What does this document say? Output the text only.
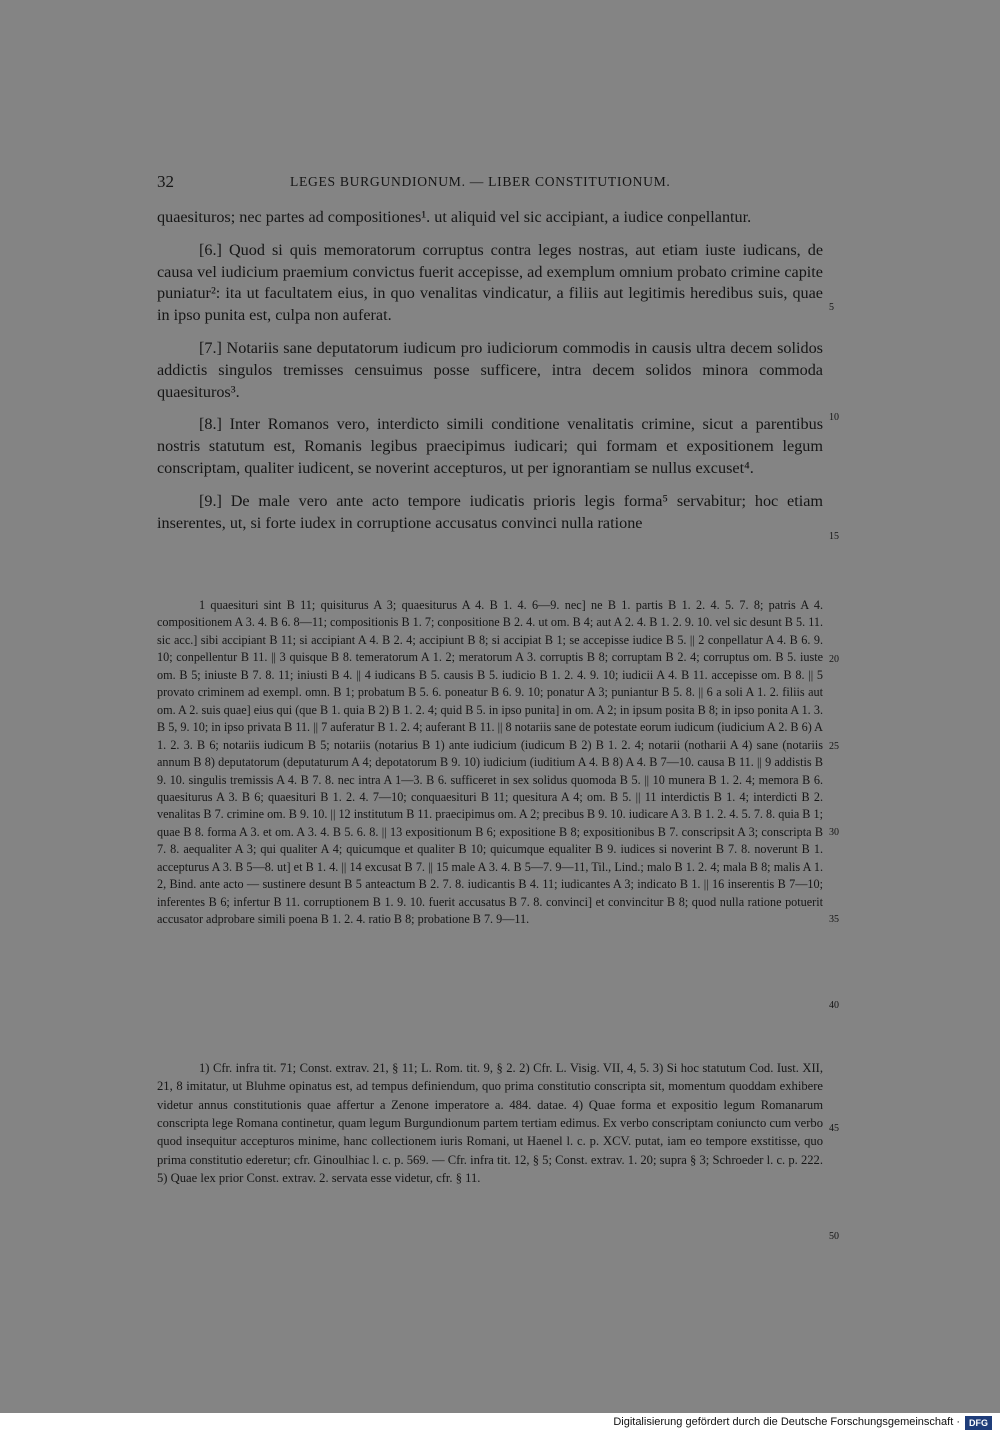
32	LEGES BURGUNDIONUM. — LIBER CONSTITUTIONUM.

quaesituros; nec partes ad compositiones¹. ut aliquid vel sic accipiant, a iudice conpellantur.

[6.] Quod si quis memoratorum corruptus contra leges nostras, aut etiam iuste iudicans, de causa vel iudicium praemium convictus fuerit accepisse, ad exemplum omnium probato crimine capite puniatur²: ita ut facultatem eius, in quo venalitas vindicatur, a filiis aut legitimis heredibus suis, quae in ipso punita est, culpa non auferat.

[7.] Notariis sane deputatorum iudicum pro iudiciorum commodis in causis ultra decem solidos addictis singulos tremisses censuimus posse sufficere, intra decem solidos minora commoda quaesituros³.

[8.] Inter Romanos vero, interdicto simili conditione venalitatis crimine, sicut a parentibus nostris statutum est, Romanis legibus praecipimus iudicari; qui formam et expositionem legum conscriptam, qualiter iudicent, se noverint accepturos, ut per ignorantiam se nullus excuset⁴.

[9.] De male vero ante acto tempore iudicatis prioris legis forma⁵ servabitur; hoc etiam inserentes, ut, si forte iudex in corruptione accusatus convinci nulla ratione

1 quaesituri sint B 11; quisiturus A 3; quaesiturus A 4. B 1. 4. 6—9. nec] ne B 1. partis B 1. 2. 4. 5. 7. 8; patris A 4. compositionem A 3. 4. B 6. 8—11; compositionis B 1. 7; conpositione B 2. 4. ut om. B 4; aut A 2. 4. B 1. 2. 9. 10. vel sic desunt B 5. 11. sic acc.] sibi accipiant B 11; si accipiant A 4. B 2. 4; accipiunt B 8; si accipiat B 1; se accepisse iudice B 5. || 2 conpellatur A 4. B 6. 9. 10; conpellentur B 11. || 3 quisque B 8. temeratorum A 1. 2; meratorum A 3. corruptis B 8; corruptam B 2. 4; corruptus om. B 5. iuste om. B 5; iniuste B 7. 8. 11; iniusti B 4. || 4 iudicans B 5. causis B 5. iudicio B 1. 2. 4. 9. 10; iudicii A 4. B 11. accepisse om. B 8. || 5 provato criminem ad exempl. omn. B 1; probatum B 5. 6. poneatur B 6. 9. 10; ponatur A 3; puniantur B 5. 8. || 6 a soli A 1. 2. filiis aut om. A 2. suis quae] eius qui (que B 1. quia B 2) B 1. 2. 4; quid B 5. in ipso punita] in om. A 2; in ipsum posita B 8; in ipso ponita A 1. 3. B 5, 9. 10; in ipso privata B 11. || 7 auferatur B 1. 2. 4; auferant B 11. || 8 notariis sane de potestate eorum iudicum (iudicium A 2. B 6) A 1. 2. 3. B 6; notariis iudicum B 5; notariis (notarius B 1) ante iudicium (iudicum B 2) B 1. 2. 4; notarii (notharii A 4) sane (notariis annum B 8) deputatorum (deputaturum A 4; depotatorum B 9. 10) iudicium (iuditium A 4. B 8) A 4. B 7—10. causa B 11. || 9 addistis B 9. 10. singulis tremissis A 4. B 7. 8. nec intra A 1—3. B 6. sufficeret in sex solidus quomoda B 5. || 10 munera B 1. 2. 4; memora B 6. quaesiturus A 3. B 6; quaesituri B 1. 2. 4. 7—10; conquaesituri B 11; quesitura A 4; om. B 5. || 11 interdictis B 1. 4; interdicti B 2. venalitas B 7. crimine om. B 9. 10. || 12 institutum B 11. praecipimus om. A 2; precibus B 9. 10. iudicare A 3. B 1. 2. 4. 5. 7. 8. quia B 1; quae B 8. forma A 3. et om. A 3. 4. B 5. 6. 8. || 13 expositionum B 6; expositione B 8; expositionibus B 7. conscripsit A 3; conscripta B 7. 8. aequaliter A 3; qui qualiter A 4; quicumque et qualiter B 10; quicumque equaliter B 9. iudices si noverint B 7. 8. noverunt B 1. accepturus A 3. B 5—8. ut] et B 1. 4. || 14 excusat B 7. || 15 male A 3. 4. B 5—7. 9—11, Til., Lind.; malo B 1. 2. 4; mala B 8; malis A 1. 2, Bind. ante acto — sustinere desunt B 5 anteactum B 2. 7. 8. iudicantis B 4. 11; iudicantes A 3; indicato B 1. || 16 inserentis B 7—10; inferentes B 6; infertur B 11. corruptionem B 1. 9. 10. fuerit accusatus B 7. 8. convinci] et convincitur B 8; quod nulla ratione potuerit accusator adprobare simili poena B 1. 2. 4. ratio B 8; probatione B 7. 9—11.

1) Cfr. infra tit. 71; Const. extrav. 21, § 11; L. Rom. tit. 9, § 2. 2) Cfr. L. Visig. VII, 4, 5. 3) Si hoc statutum Cod. Iust. XII, 21, 8 imitatur, ut Bluhme opinatus est, ad tempus definiendum, quo prima constitutio conscripta sit, momentum quoddam exhibere videtur annus constitutionis quae affertur a Zenone imperatore a. 484. datae. 4) Quae forma et expositio legum Romanarum conscripta lege Romana continetur, quam legum Burgundionum partem tertiam edimus. Ex verbo conscriptam coniuncto cum verbo quod insequitur accepturos minime, hanc collectionem iuris Romani, ut Haenel l. c. p. XCV. putat, iam eo tempore exstitisse, quo prima constitutio ederetur; cfr. Ginoulhiac l. c. p. 569. — Cfr. infra tit. 12, § 5; Const. extrav. 1. 20; supra § 3; Schroeder l. c. p. 222. 5) Quae lex prior Const. extrav. 2. servata esse videtur, cfr. § 11.

5
10
15
20
25
30
35
40
45
50
Digitalisierung gefördert durch die Deutsche Forschungsgemeinschaft ·	DFG
